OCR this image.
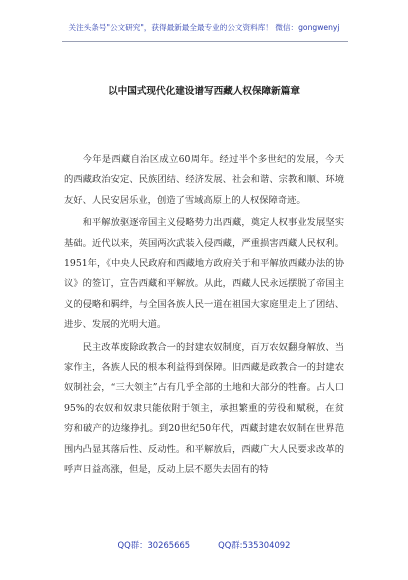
关注头条号"公文研究"，获得最新最全最专业的公文资料库！ 微信：gongwenyj
以中国式现代化建设谱写西藏人权保障新篇章

今年是西藏自治区成立60周年。经过半个多世纪的发展，今天的西藏政治安定、民族团结、经济发展、社会和谐、宗教和顺、环境友好、人民安居乐业，创造了雪域高原上的人权保障奇迹。

和平解放驱逐帝国主义侵略势力出西藏，奠定人权事业发展坚实基础。近代以来，英国两次武装入侵西藏，严重损害西藏人民权利。1951年，《中央人民政府和西藏地方政府关于和平解放西藏办法的协议》的签订，宣告西藏和平解放。从此，西藏人民永远摆脱了帝国主义的侵略和羁绊，与全国各族人民一道在祖国大家庭里走上了团结、进步、发展的光明大道。

民主改革废除政教合一的封建农奴制度，百万农奴翻身解放、当家作主，各族人民的根本利益得到保障。旧西藏是政教合一的封建农奴制社会，“三大领主”占有几乎全部的土地和大部分的牲畜。占人口95%的农奴和奴隶只能依附于领主，承担繁重的劳役和赋税，在贫穷和破产的边缘挣扎。到20世纪50年代，西藏封建农奴制在世界范围内凸显其落后性、反动性。和平解放后，西藏广大人民要求改革的呼声日益高涨，但是，反动上层不愿失去固有的特

QQ群：30265665	QQ群:535304092
